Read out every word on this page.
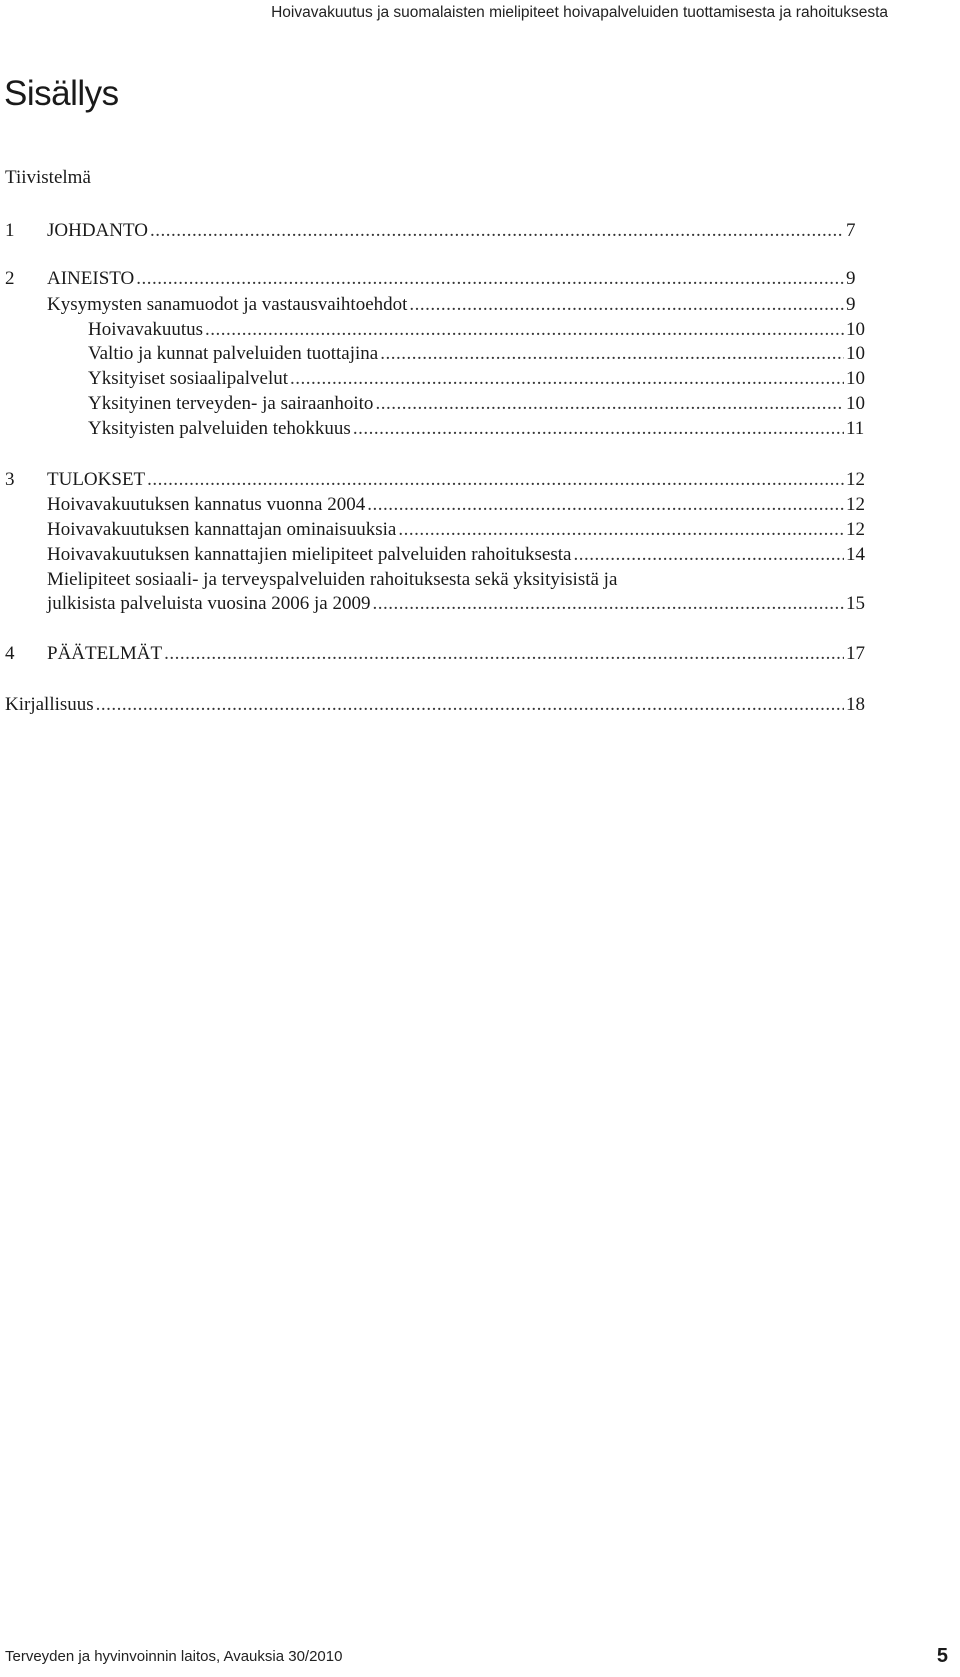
Hoivavakuutus ja suomalaisten mielipiteet hoivapalveluiden tuottamisesta ja rahoituksesta
Sisällys
Tiivistelmä
1 JOHDANTO .....	7
2 AINEISTO .....	9
Kysymysten sanamuodot ja vastausvaihtoehdot .....	9
Hoivavakuutus .....	10
Valtio ja kunnat palveluiden tuottajina .....	10
Yksityiset sosiaalipalvelut .....	10
Yksityinen terveyden- ja sairaanhoito .....	10
Yksityisten palveluiden tehokkuus .....	11
3 TULOKSET .....	12
Hoivavakuutuksen kannatus vuonna 2004 .....	12
Hoivavakuutuksen kannattajan ominaisuuksia .....	12
Hoivavakuutuksen kannattajien mielipiteet palveluiden rahoituksesta .....	14
Mielipiteet sosiaali- ja terveyspalveluiden rahoituksesta sekä yksityisistä ja
julkisista palveluista vuosina 2006 ja 2009 .....	15
4 PÄÄTELMÄT .....	17
Kirjallisuus .....	18
Terveyden ja hyvinvoinnin laitos, Avauksia 30/2010	5
